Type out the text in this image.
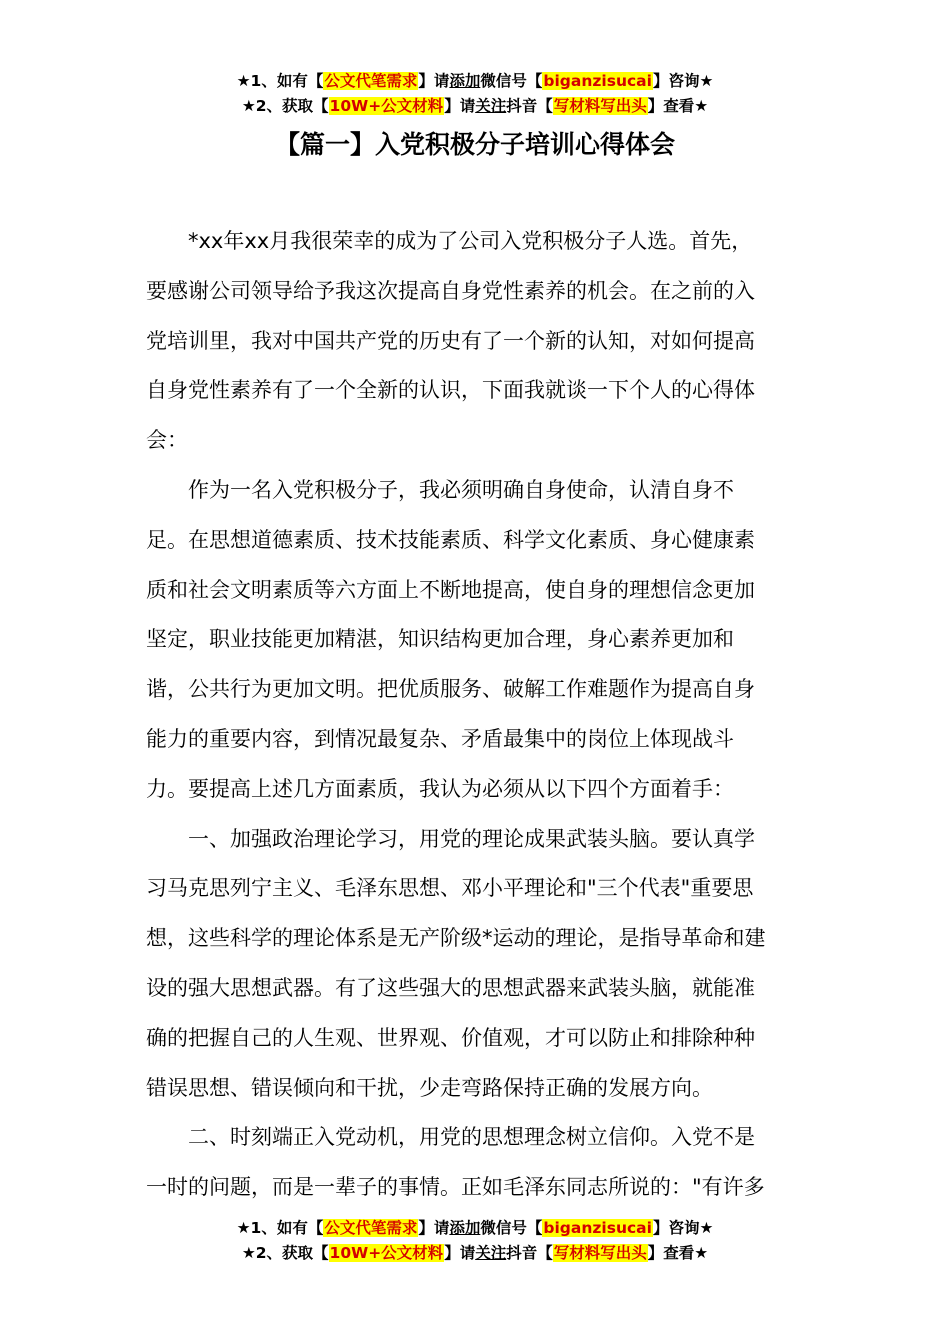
★1、如有【公文代笔需求】请添加微信号【biganzisucai】咨询★
★2、获取【10W+公文材料】请关注抖音【写材料写出头】查看★
【篇一】入党积极分子培训心得体会
*xx年xx月我很荣幸的成为了公司入党积极分子人选。首先，
要感谢公司领导给予我这次提高自身党性素养的机会。在之前的入
党培训里，我对中国共产党的历史有了一个新的认知，对如何提高
自身党性素养有了一个全新的认识，下面我就谈一下个人的心得体
会：
作为一名入党积极分子，我必须明确自身使命，认清自身不
足。在思想道德素质、技术技能素质、科学文化素质、身心健康素
质和社会文明素质等六方面上不断地提高，使自身的理想信念更加
坚定，职业技能更加精湛，知识结构更加合理，身心素养更加和
谐，公共行为更加文明。把优质服务、破解工作难题作为提高自身
能力的重要内容，到情况最复杂、矛盾最集中的岗位上体现战斗
力。要提高上述几方面素质，我认为必须从以下四个方面着手：
一、加强政治理论学习，用党的理论成果武装头脑。要认真学
习马克思列宁主义、毛泽东思想、邓小平理论和"三个代表"重要思
想，这些科学的理论体系是无产阶级*运动的理论，是指导革命和建
设的强大思想武器。有了这些强大的思想武器来武装头脑，就能准
确的把握自己的人生观、世界观、价值观，才可以防止和排除种种
错误思想、错误倾向和干扰，少走弯路保持正确的发展方向。
二、时刻端正入党动机，用党的思想理念树立信仰。入党不是
一时的问题，而是一辈子的事情。正如毛泽东同志所说的："有许多
★1、如有【公文代笔需求】请添加微信号【biganzisucai】咨询★
★2、获取【10W+公文材料】请关注抖音【写材料写出头】查看★
